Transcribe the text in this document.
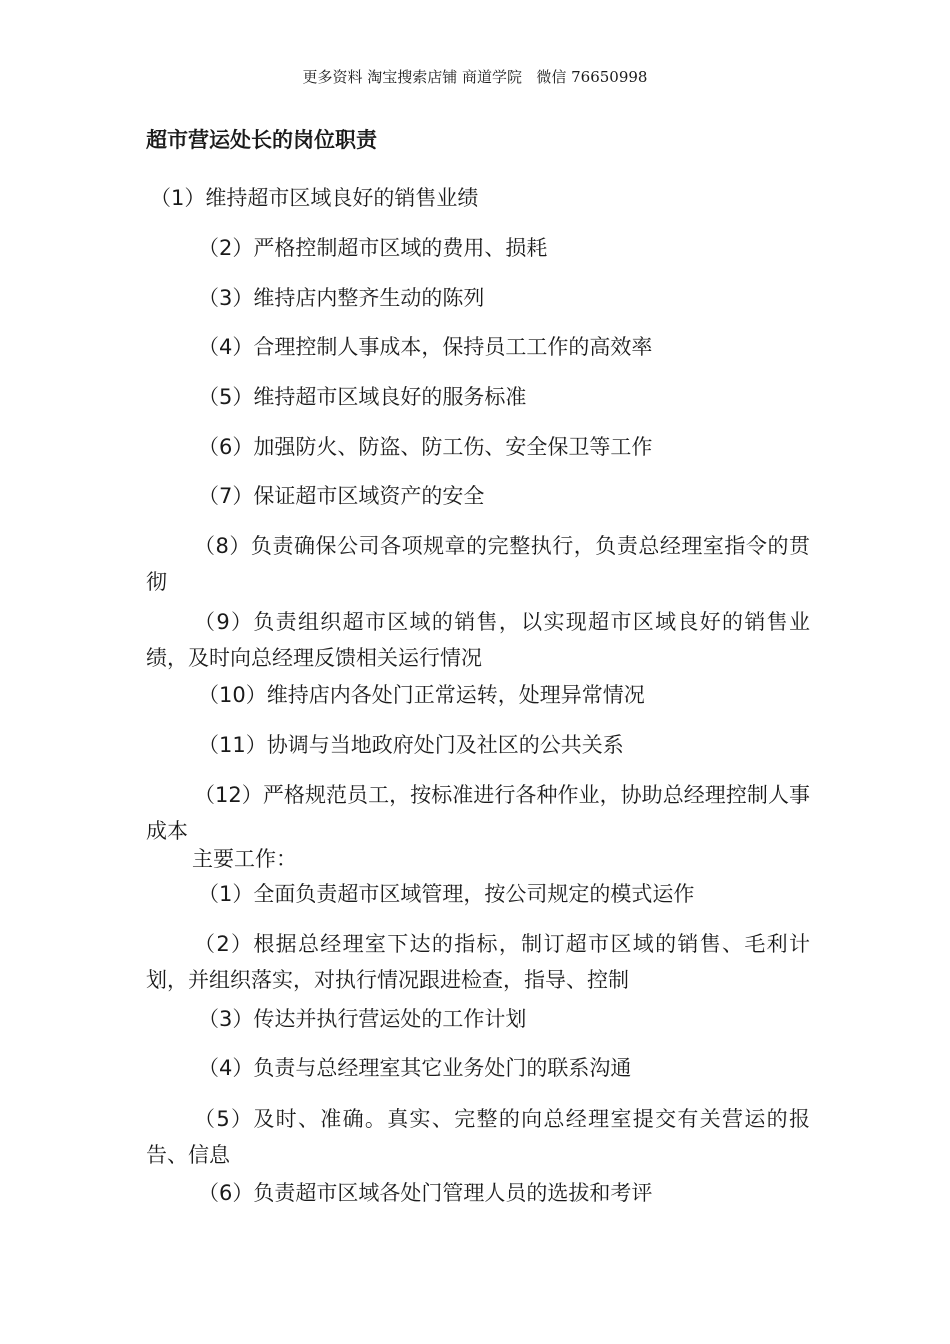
更多资料 淘宝搜索店铺 商道学院   微信 76650998
超市营运处长的岗位职责
（1）维持超市区域良好的销售业绩
（2）严格控制超市区域的费用、损耗
（3）维持店内整齐生动的陈列
（4）合理控制人事成本，保持员工工作的高效率
（5）维持超市区域良好的服务标准
（6）加强防火、防盗、防工伤、安全保卫等工作
（7）保证超市区域资产的安全
（8）负责确保公司各项规章的完整执行，负责总经理室指令的贯彻
（9）负责组织超市区域的销售，以实现超市区域良好的销售业绩，及时向总经理反馈相关运行情况
（10）维持店内各处门正常运转，处理异常情况
（11）协调与当地政府处门及社区的公共关系
（12）严格规范员工，按标准进行各种作业，协助总经理控制人事成本
主要工作：
（1）全面负责超市区域管理，按公司规定的模式运作
（2）根据总经理室下达的指标，制订超市区域的销售、毛利计划，并组织落实，对执行情况跟进检查，指导、控制
（3）传达并执行营运处的工作计划
（4）负责与总经理室其它业务处门的联系沟通
（5）及时、准确。真实、完整的向总经理室提交有关营运的报告、信息
（6）负责超市区域各处门管理人员的选拔和考评
